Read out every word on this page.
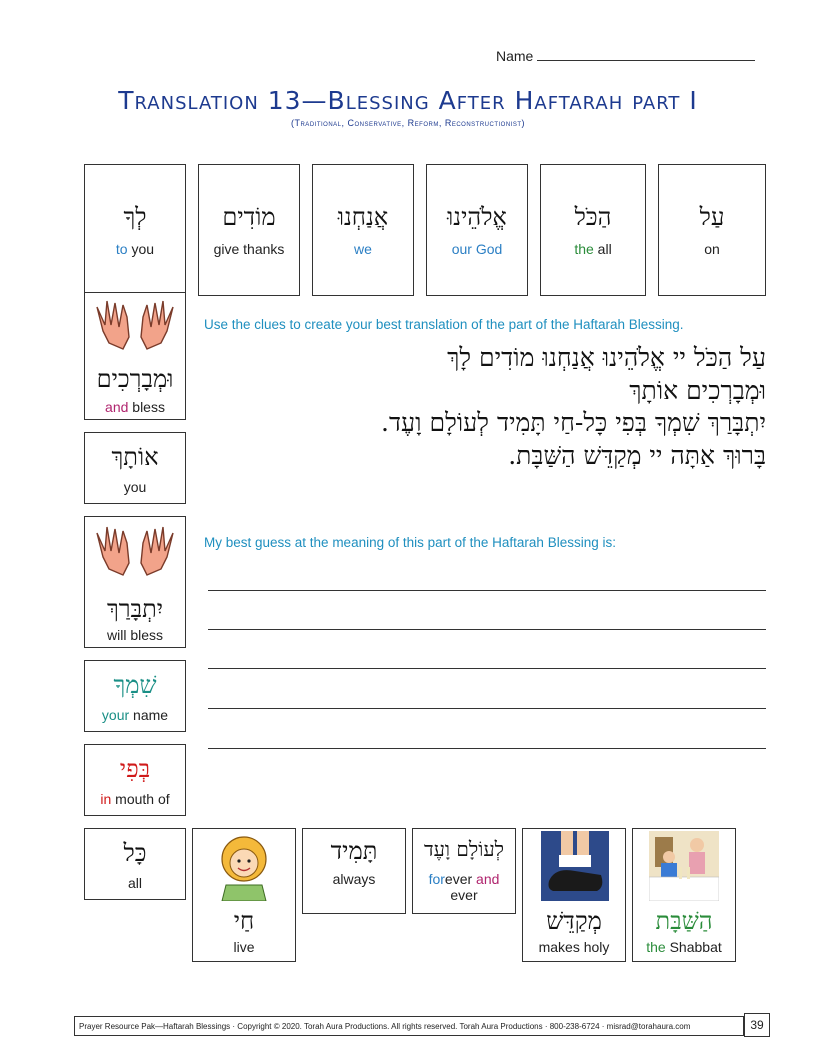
Name
Translation 13—Blessing After Haftarah part I
(Traditional, Conservative, Reform, Reconstructionist)
לְךָ
to you
מוֹדִים
give thanks
אֲנַחְנוּ
we
אֱלֹהֵינוּ
our God
הַכֹּל
the all
עַל
on
וּמְבָרְכִים
and bless
אוֹתָךְ
you
יִתְבָּרַךְ
will bless
שִׁמְךָ
your name
בְּפִי
in mouth of
Use the clues to create your best translation of the part of the Haftarah Blessing.
עַל הַכֹּל יי אֱלֹהֵינוּ אֲנַחְנוּ מוֹדִים לָךְ
וּמְבָרְכִים אוֹתָךְ
יִתְבָּרַךְ שִׁמְךָ בְּפִי כָּל-חַי תָּמִיד לְעוֹלָם וָעֶד.
בָּרוּךְ אַתָּה יי מְקַדֵּשׁ הַשַּׁבָּת.
My best guess at the meaning of this part of the Haftarah Blessing is:
כָּל
all
חַי
live
תָּמִיד
always
לְעוֹלָם וָעֶד
forever and
ever
מְקַדֵּשׁ
makes holy
הַשַּׁבָּת
the Shabbat
Prayer Resource Pak—Haftarah Blessings · Copyright © 2020. Torah Aura Productions. All rights reserved. Torah Aura Productions · 800-238-6724 · misrad@torahaura.com	39
